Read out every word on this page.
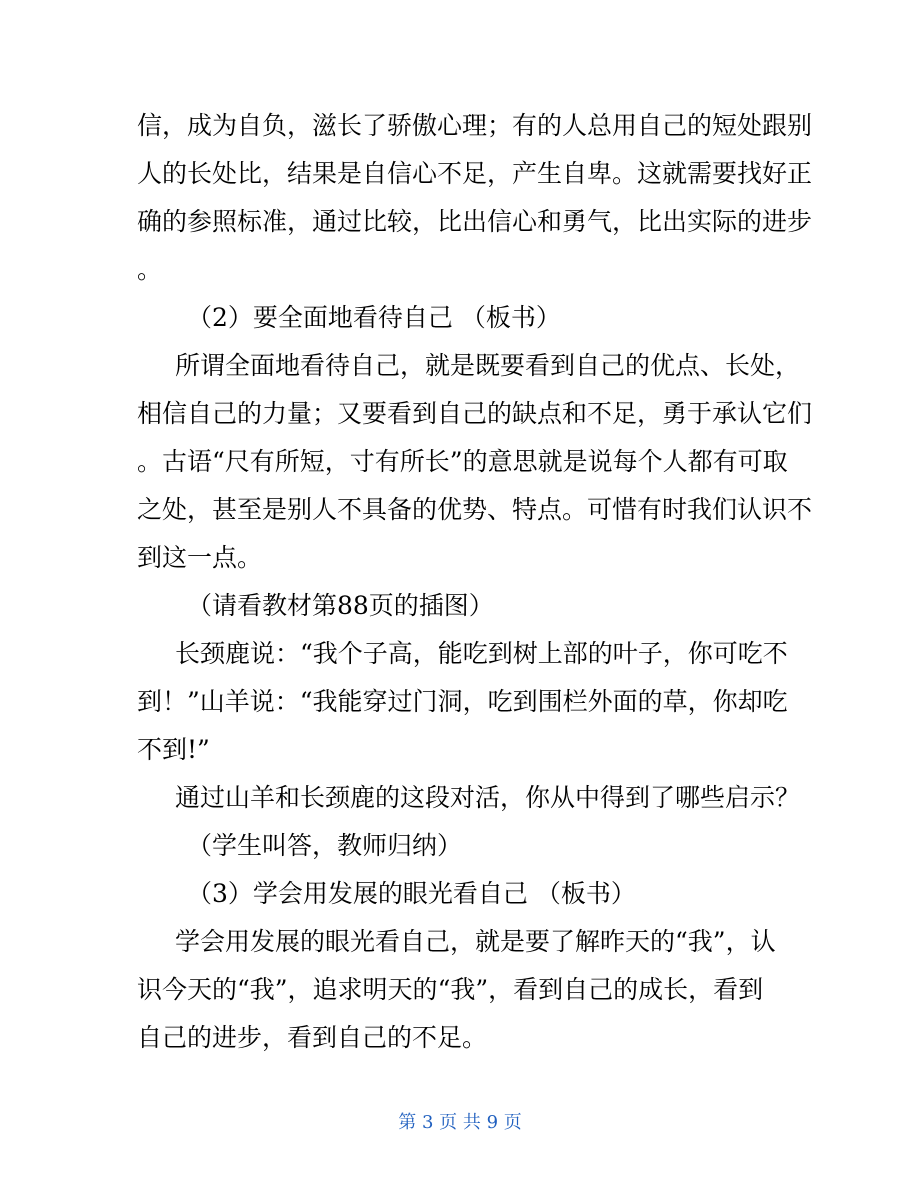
信，成为自负，滋长了骄傲心理；有的人总用自己的短处跟别

人的长处比，结果是自信心不足，产生自卑。这就需要找好正

确的参照标准，通过比较，比出信心和勇气，比出实际的进步

。

（2）要全面地看待自己 （板书）

所谓全面地看待自己，就是既要看到自己的优点、长处，

相信自己的力量；又要看到自己的缺点和不足，勇于承认它们

。古语“尺有所短，寸有所长”的意思就是说每个人都有可取

之处，甚至是别人不具备的优势、特点。可惜有时我们认识不

到这一点。

（请看教材第88页的插图）

长颈鹿说：“我个子高，能吃到树上部的叶子，你可吃不

到！”山羊说：“我能穿过门洞，吃到围栏外面的草，你却吃

不到!”

通过山羊和长颈鹿的这段对活，你从中得到了哪些启示？

（学生叫答，教师归纳）

（3）学会用发展的眼光看自己 （板书）

学会用发展的眼光看自己，就是要了解昨天的“我”，认

识今天的“我”，追求明天的“我”，看到自己的成长，看到

自己的进步，看到自己的不足。

第 3 页 共 9 页
